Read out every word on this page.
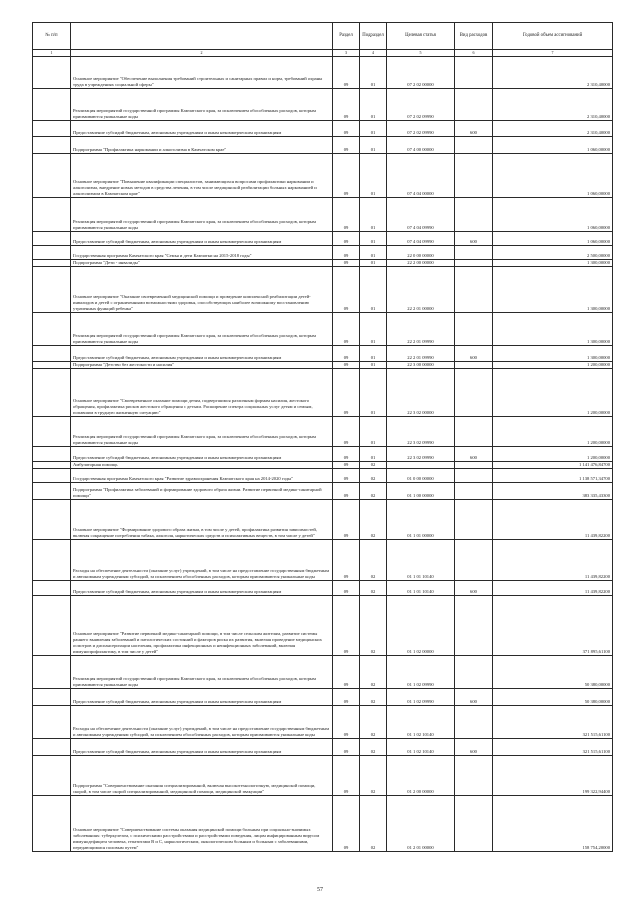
№ п/п		Раздел	Подраздел	Целевая статья	Вид расходов	Годовой объем ассигнований
1	2	3	4	5	6	7
	Основное мероприятие "Обеспечение выполнения требований строительных и санитарных правил и норм, требований охраны труда в учреждениях социальной сферы"	09	01	07 2 02 00000		2 310,40000
	Реализация мероприятий государственной программы Камчатского края, за исключением обособленных расходов, которым присваиваются уникальные коды	09	01	07 2 02 09990		2 310,40000
	Предоставление субсидий бюджетным, автономным учреждениям и иным некоммерческим организациям	09	01	07 2 02 09990	600	2 310,40000
	Подпрограмма "Профилактика наркомании и алкоголизма в Камчатском крае"	09	01	07 4 00 00000		1 060,00000
	Основное мероприятие "Повышение квалификации специалистов, занимающихся вопросами профилактики наркомании и алкоголизма, внедрение новых методов в средства лечения, в том числе медицинской реабилитации больных наркоманией и алкоголизмом в Камчатском крае"	09	01	07 4 04 00000		1 060,00000
	Реализация мероприятий государственной программы Камчатского края, за исключением обособленных расходов, которым присваиваются уникальные коды	09	01	07 4 04 09990		1 060,00000
	Предоставление субсидий бюджетным, автономным учреждениям и иным некоммерческим организациям	09	01	07 4 04 09990	600	1 060,00000
	Государственная программа Камчатского края "Семья и дети Камчатки на 2015-2018 годы"	09	01	22 0 00 00000		2 500,00000
	Подпрограмма "Дети - инвалиды"	09	01	22 2 00 00000		1 300,00000
	Основное мероприятие "Оказание своевременной медицинской помощи и проведение комплексной реабилитации детей-инвалидов и детей с ограниченными возможностями здоровья, способствующих наиболее возможному восстановлению утраченных функций ребенка"	09	01	22 2 01 00000		1 300,00000
	Реализация мероприятий государственной программы Камчатского края, за исключением обособленных расходов, которым присваиваются уникальные коды	09	01	22 2 01 09990		1 300,00000
	Предоставление субсидий бюджетным, автономным учреждениям и иным некоммерческим организациям	09	01	22 2 01 09990	600	1 300,00000
	Подпрограмма "Детство без жестокости и насилия"	09	01	22 3 00 00000		1 200,00000
	Основное мероприятие "Своевременное оказание помощи детям, подвергшимся различным формам насилия, жестокого обращения, профилактика рисков жестокого обращения с детьми. Расширение спектра социальных услуг детям и семьям, попавшим в трудную жизненную ситуацию"	09	01	22 3 02 00000		1 200,00000
	Реализация мероприятий государственной программы Камчатского края, за исключением обособленных расходов, которым присваиваются уникальные коды	09	01	22 3 02 09990		1 200,00000
	Предоставление субсидий бюджетным, автономным учреждениям и иным некоммерческим организациям	09	01	22 3 02 09990	600	1 200,00000
	Амбулаторная помощь	09	02			1 141 476,84700
	Государственная программа Камчатского края "Развитие здравоохранения Камчатского края на 2014-2020 годы"	09	02	01 0 00 00000		1 138 571,34700
	Подпрограмма "Профилактика заболеваний и формирование здорового образа жизни. Развитие первичной медико-санитарной помощи"	09	02	01 1 00 00000		383 335,43300
	Основное мероприятие "Формирование здорового образа жизни, в том числе у детей, профилактика развития зависимостей, включая сокращение потребления табака, алкоголя, наркотических средств и психоактивных веществ, в том числе у детей"	09	02	01 1 01 00000		11 439,82200
	Расходы на обеспечение деятельности (оказание услуг) учреждений, в том числе на предоставление государственным бюджетным и автономным учреждениям субсидий, за исключением обособленных расходов, которым присваиваются уникальные коды	09	02	01 1 01 10140		11 439,82200
	Предоставление субсидий бюджетным, автономным учреждениям и иным некоммерческим организациям	09	02	01 1 01 10140	600	11 439,82200
	Основное мероприятие "Развитие первичной медико-санитарной помощи, в том числе сельским жителям, развитие системы раннего выявления заболеваний и патологических состояний и факторов риска их развития, включая проведение медицинских осмотров и диспансеризации населения, профилактика инфекционных и неинфекционных заболеваний, включая иммунопрофилактику, в том числе у детей"	09	02	01 1 02 00000		371 895,61100
	Реализация мероприятий государственной программы Камчатского края, за исключением обособленных расходов, которым присваиваются уникальные коды	09	02	01 1 02 09990		50 380,00000
	Предоставление субсидий бюджетным, автономным учреждениям и иным некоммерческим организациям	09	02	01 1 02 09990	600	50 380,00000
	Расходы на обеспечение деятельности (оказание услуг) учреждений, в том числе на предоставление государственным бюджетным и автономным учреждениям субсидий, за исключением обособленных расходов, которым присваиваются уникальные коды	09	02	01 1 02 10140		321 515,61100
	Предоставление субсидий бюджетным, автономным учреждениям и иным некоммерческим организациям	09	02	01 1 02 10140	600	321 515,61100
	Подпрограмма "Совершенствование оказания специализированной, включая высокотехнологичную, медицинской помощи, скорой, в том числе скорой специализированной, медицинской помощи, медицинской эвакуации"	09	02	01 2 00 00000		199 322,94400
	Основное мероприятие "Совершенствование системы оказания медицинской помощи больным при социально-значимых заболеваниях: туберкулезом, с психическими расстройствами и расстройствами поведения, лицам инфицированным вирусом иммунодефицита человека, гепатитами В и С, наркологическим, онкологическим больным и больным с заболеваниями, передающимися половым путем"	09	02	01 2 01 00000		158 754,20000
57
